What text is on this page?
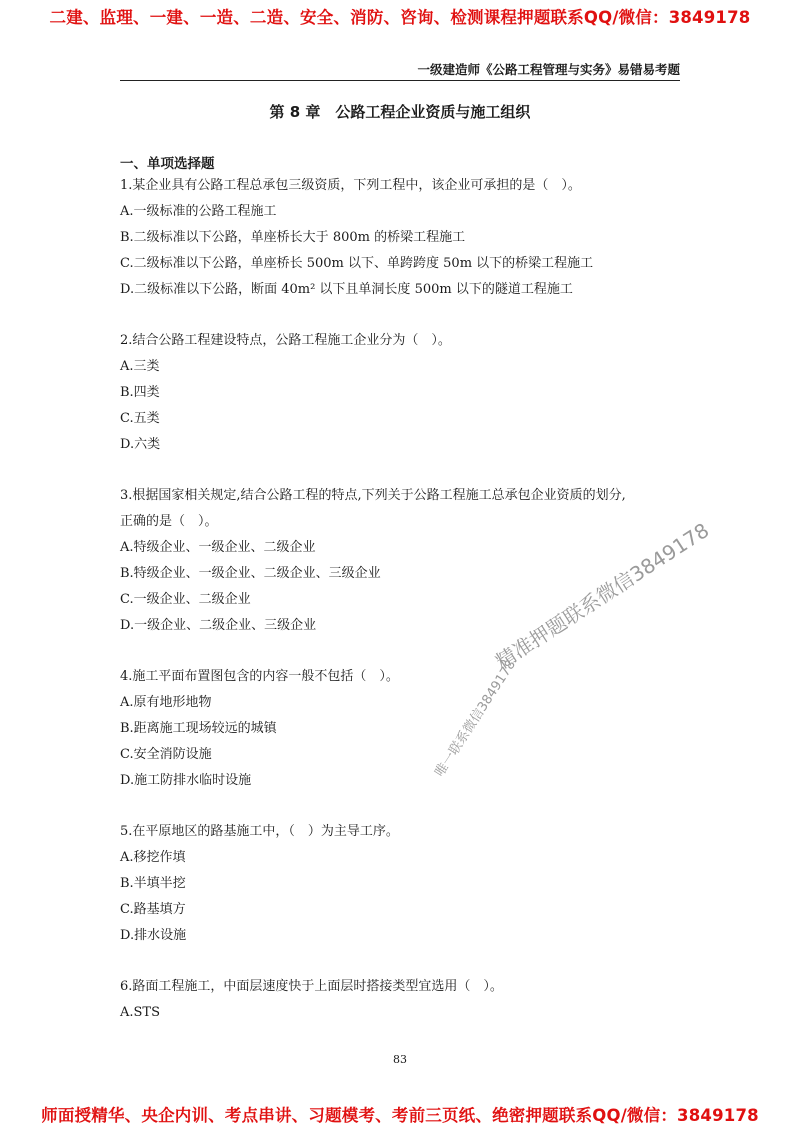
二建、监理、一建、一造、二造、安全、消防、咨询、检测课程押题联系QQ/微信：3849178
一级建造师《公路工程管理与实务》易错易考题
第 8 章　公路工程企业资质与施工组织
一、单项选择题
1.某企业具有公路工程总承包三级资质，下列工程中，该企业可承担的是（　）。
A.一级标准的公路工程施工
B.二级标准以下公路，单座桥长大于 800m 的桥梁工程施工
C.二级标准以下公路，单座桥长 500m 以下、单跨跨度 50m 以下的桥梁工程施工
D.二级标准以下公路，断面 40m² 以下且单洞长度 500m 以下的隧道工程施工
2.结合公路工程建设特点，公路工程施工企业分为（　）。
A.三类
B.四类
C.五类
D.六类
3.根据国家相关规定,结合公路工程的特点,下列关于公路工程施工总承包企业资质的划分,
正确的是（　）。
A.特级企业、一级企业、二级企业
B.特级企业、一级企业、二级企业、三级企业
C.一级企业、二级企业
D.一级企业、二级企业、三级企业
4.施工平面布置图包含的内容一般不包括（　）。
A.原有地形地物
B.距离施工现场较远的城镇
C.安全消防设施
D.施工防排水临时设施
5.在平原地区的路基施工中，（　）为主导工序。
A.移挖作填
B.半填半挖
C.路基填方
D.排水设施
6.路面工程施工，中面层速度快于上面层时搭接类型宜选用（　）。
A.STS
83
精准押题联系微信3849178
唯一联系微信3849178
师面授精华、央企内训、考点串讲、习题模考、考前三页纸、绝密押题联系QQ/微信：3849178
